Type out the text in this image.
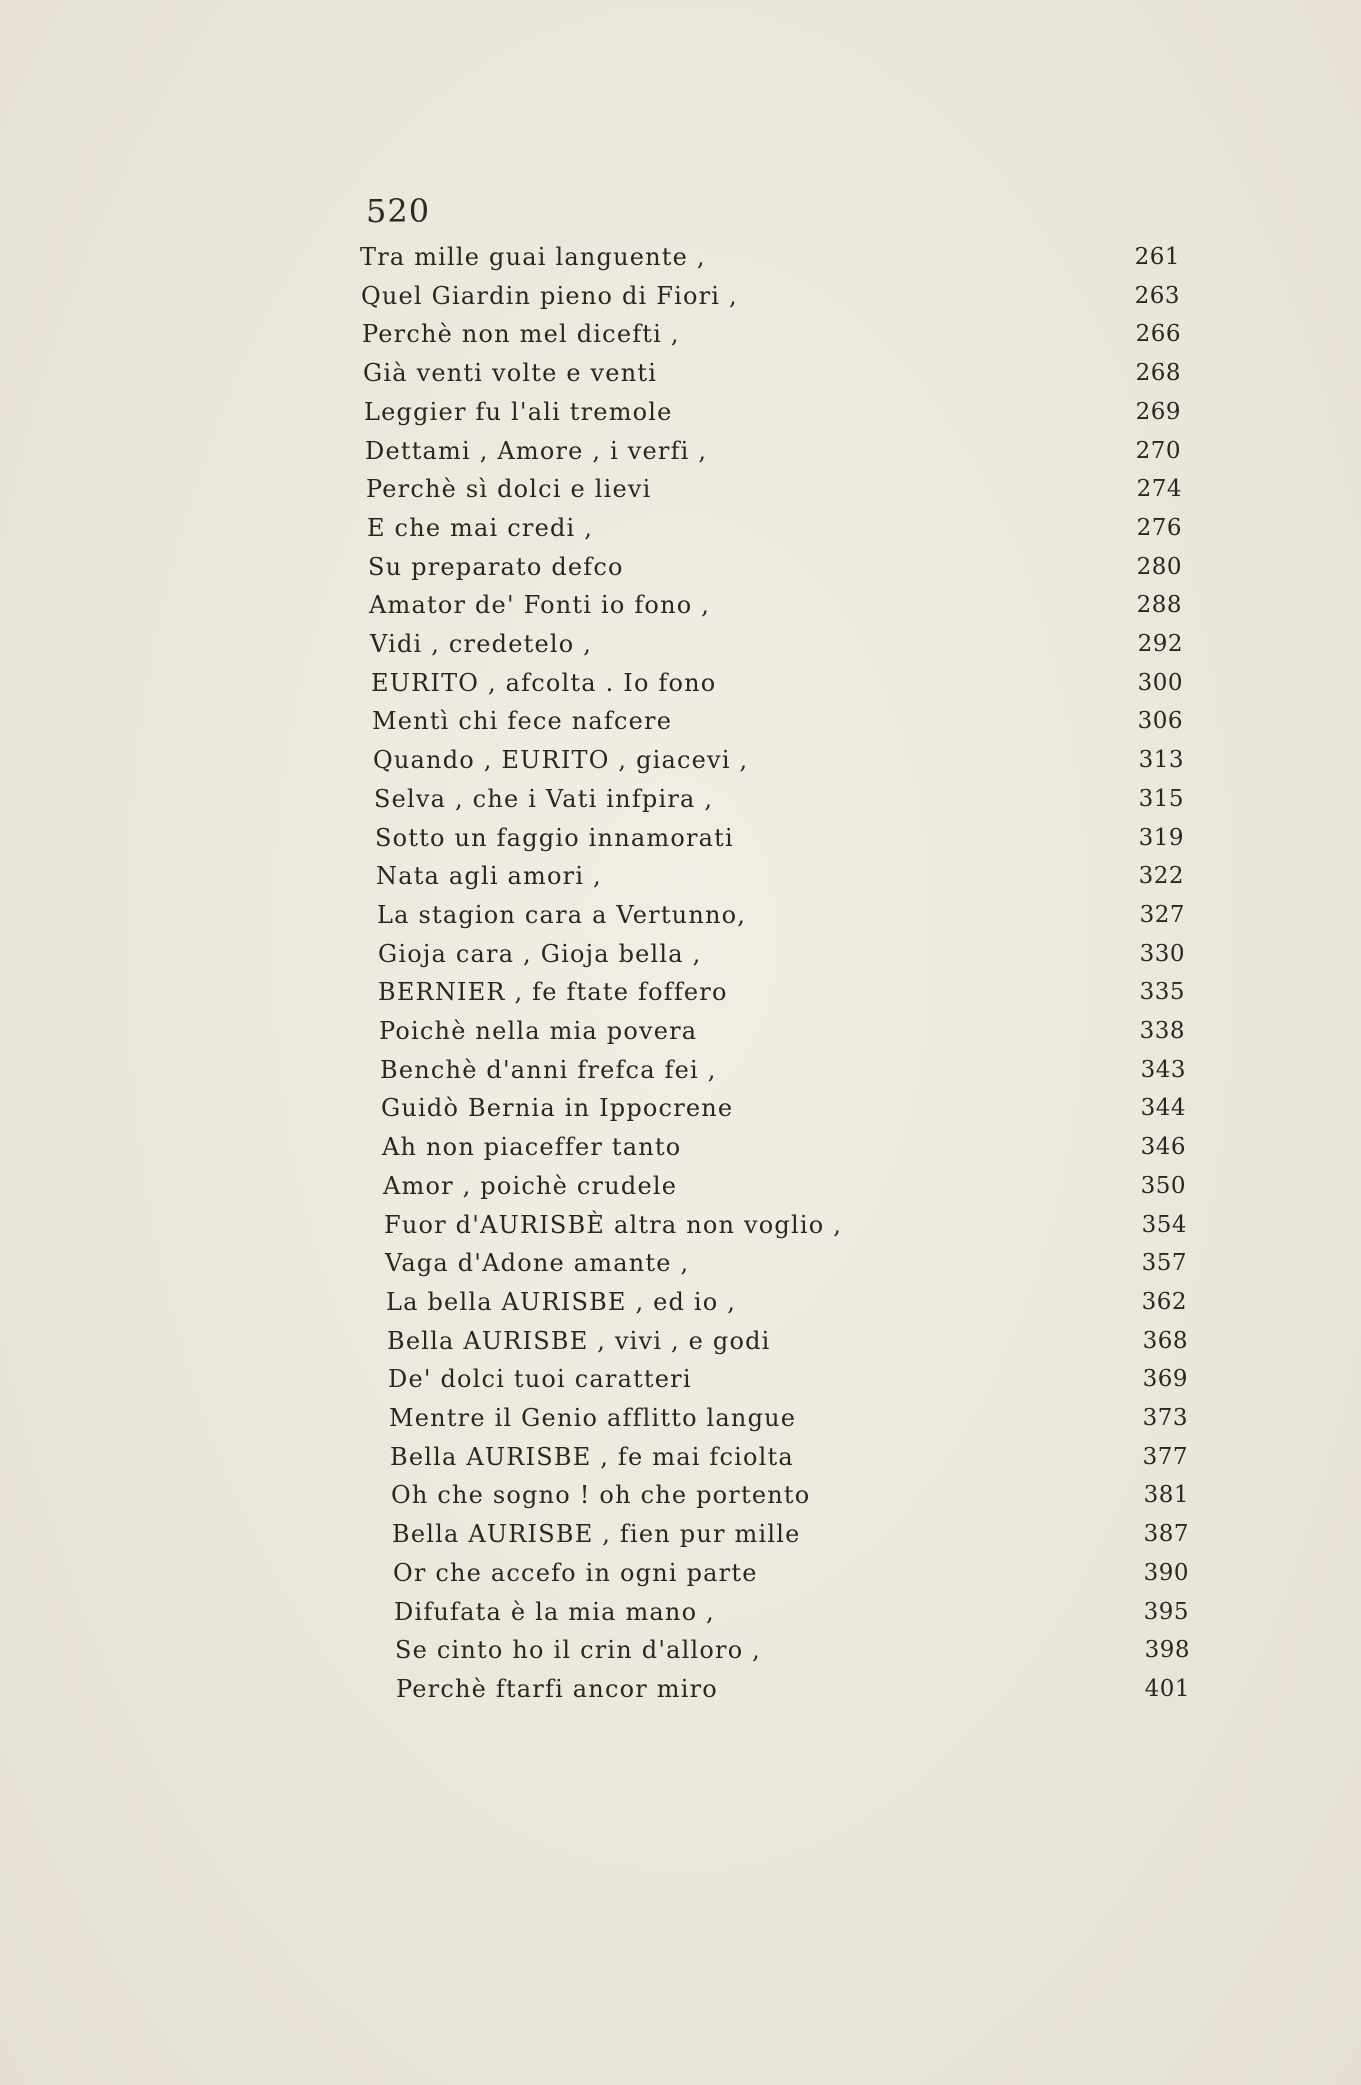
520
Tra mille guai languente ,	261
Quel Giardin pieno di Fiori ,	263
Perchè non mel dicefti ,	266
Già venti volte e venti	268
Leggier fu l'ali tremole	269
Dettami , Amore , i verfi ,	270
Perchè sì dolci e lievi	274
E che mai credi ,	276
Su preparato defco	280
Amator de' Fonti io fono ,	288
Vidi , credetelo ,	292
EURITO , afcolta . Io fono	300
Mentì chi fece nafcere	306
Quando , EURITO , giacevi ,	313
Selva , che i Vati infpira ,	315
Sotto un faggio innamorati	319
Nata agli amori ,	322
La stagion cara a Vertunno,	327
Gioja cara , Gioja bella ,	330
BERNIER , fe ftate foffero	335
Poichè nella mia povera	338
Benchè d'anni frefca fei ,	343
Guidò Bernia in Ippocrene	344
Ah non piaceffer tanto	346
Amor , poichè crudele	350
Fuor d'AURISBÈ altra non voglio ,	354
Vaga d'Adone amante ,	357
La bella AURISBE , ed io ,	362
Bella AURISBE , vivi , e godi	368
De' dolci tuoi caratteri	369
Mentre il Genio afflitto langue	373
Bella AURISBE , fe mai fciolta	377
Oh che sogno ! oh che portento	381
Bella AURISBE , fien pur mille	387
Or che accefo in ogni parte	390
Difufata è la mia mano ,	395
Se cinto ho il crin d'alloro ,	398
Perchè ftarfi ancor miro	401
